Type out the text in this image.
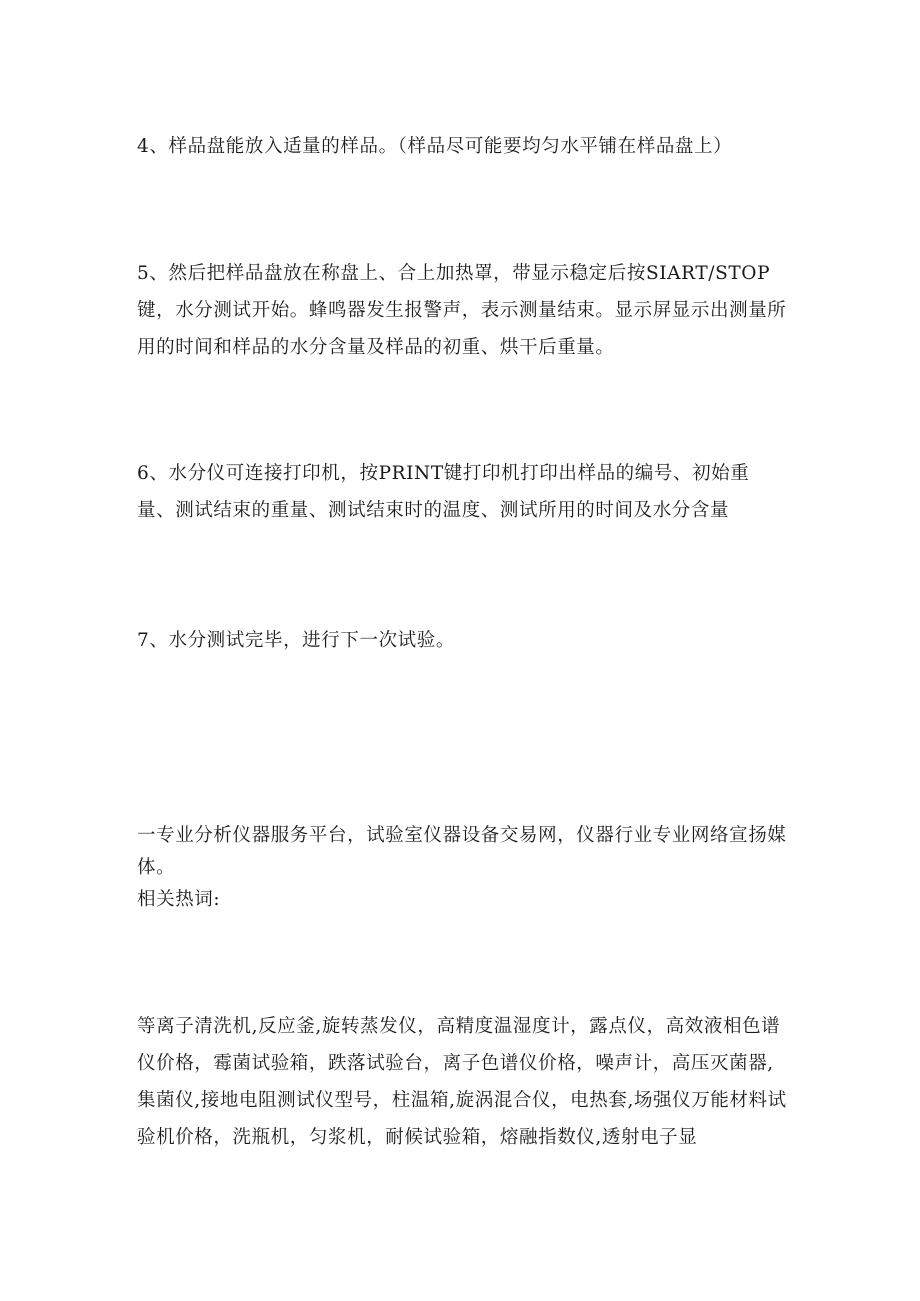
4、样品盘能放入适量的样品。（样品尽可能要均匀水平铺在样品盘上）

5、然后把样品盘放在称盘上、合上加热罩，带显示稳定后按SIART/STOP键，水分测试开始。蜂鸣器发生报警声，表示测量结束。显示屏显示出测量所用的时间和样品的水分含量及样品的初重、烘干后重量。

6、水分仪可连接打印机，按PRINT键打印机打印出样品的编号、初始重量、测试结束的重量、测试结束时的温度、测试所用的时间及水分含量

7、水分测试完毕，进行下一次试验。

一专业分析仪器服务平台，试验室仪器设备交易网，仪器行业专业网络宣扬媒体。

相关热词:

等离子清洗机,反应釜,旋转蒸发仪，高精度温湿度计，露点仪，高效液相色谱仪价格，霉菌试验箱，跌落试验台，离子色谱仪价格，噪声计，高压灭菌器,集菌仪,接地电阻测试仪型号，柱温箱,旋涡混合仪，电热套,场强仪万能材料试验机价格，洗瓶机，匀浆机，耐候试验箱，熔融指数仪,透射电子显
